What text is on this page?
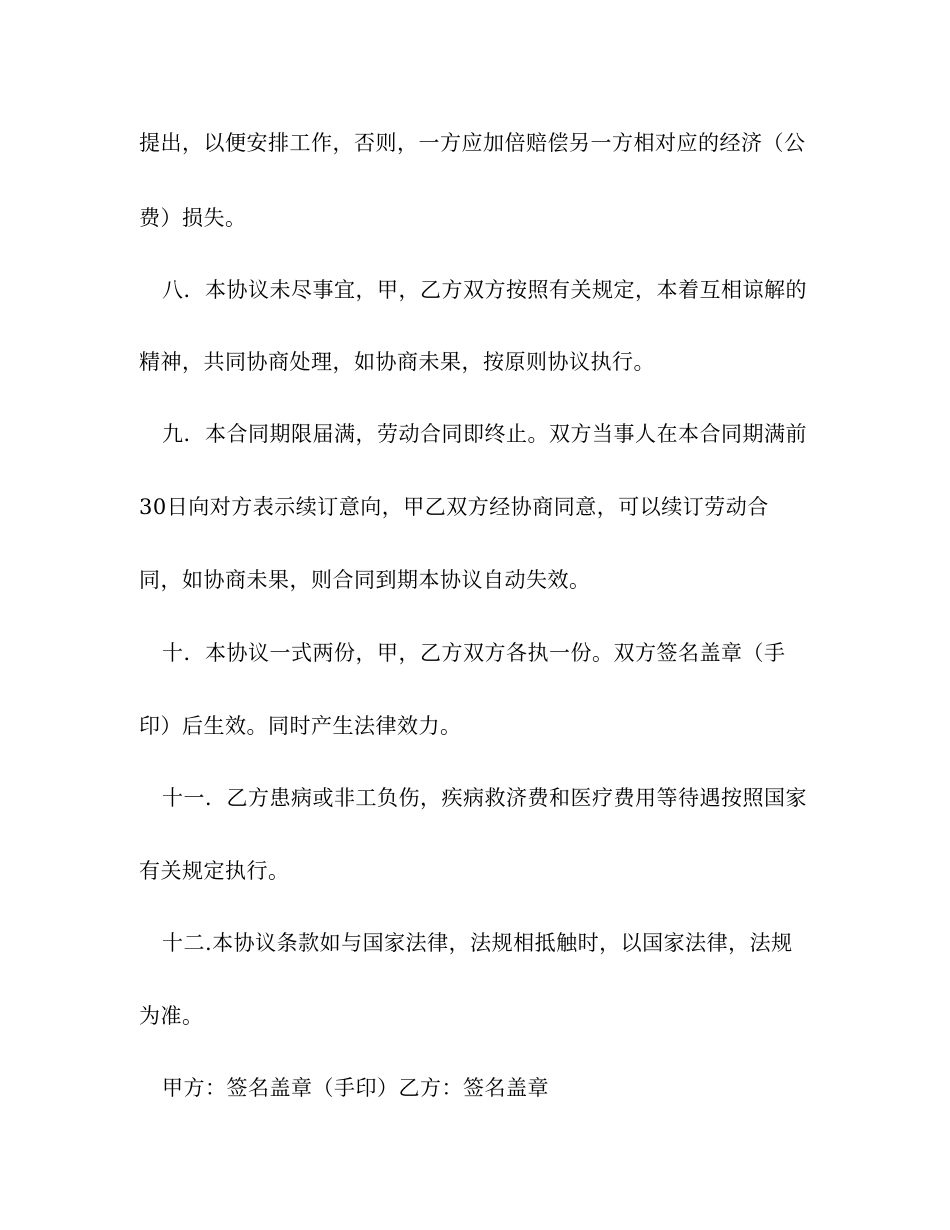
提出，以便安排工作，否则，一方应加倍赔偿另一方相对应的经济（公
费）损失。
八．本协议未尽事宜，甲，乙方双方按照有关规定，本着互相谅解的
精神，共同协商处理，如协商未果，按原则协议执行。
九．本合同期限届满，劳动合同即终止。双方当事人在本合同期满前
30日向对方表示续订意向，甲乙双方经协商同意，可以续订劳动合
同，如协商未果，则合同到期本协议自动失效。
十．本协议一式两份，甲，乙方双方各执一份。双方签名盖章（手
印）后生效。同时产生法律效力。
十一．乙方患病或非工负伤，疾病救济费和医疗费用等待遇按照国家
有关规定执行。
十二.本协议条款如与国家法律，法规相抵触时，以国家法律，法规
为准。
甲方：签名盖章（手印）乙方：签名盖章
